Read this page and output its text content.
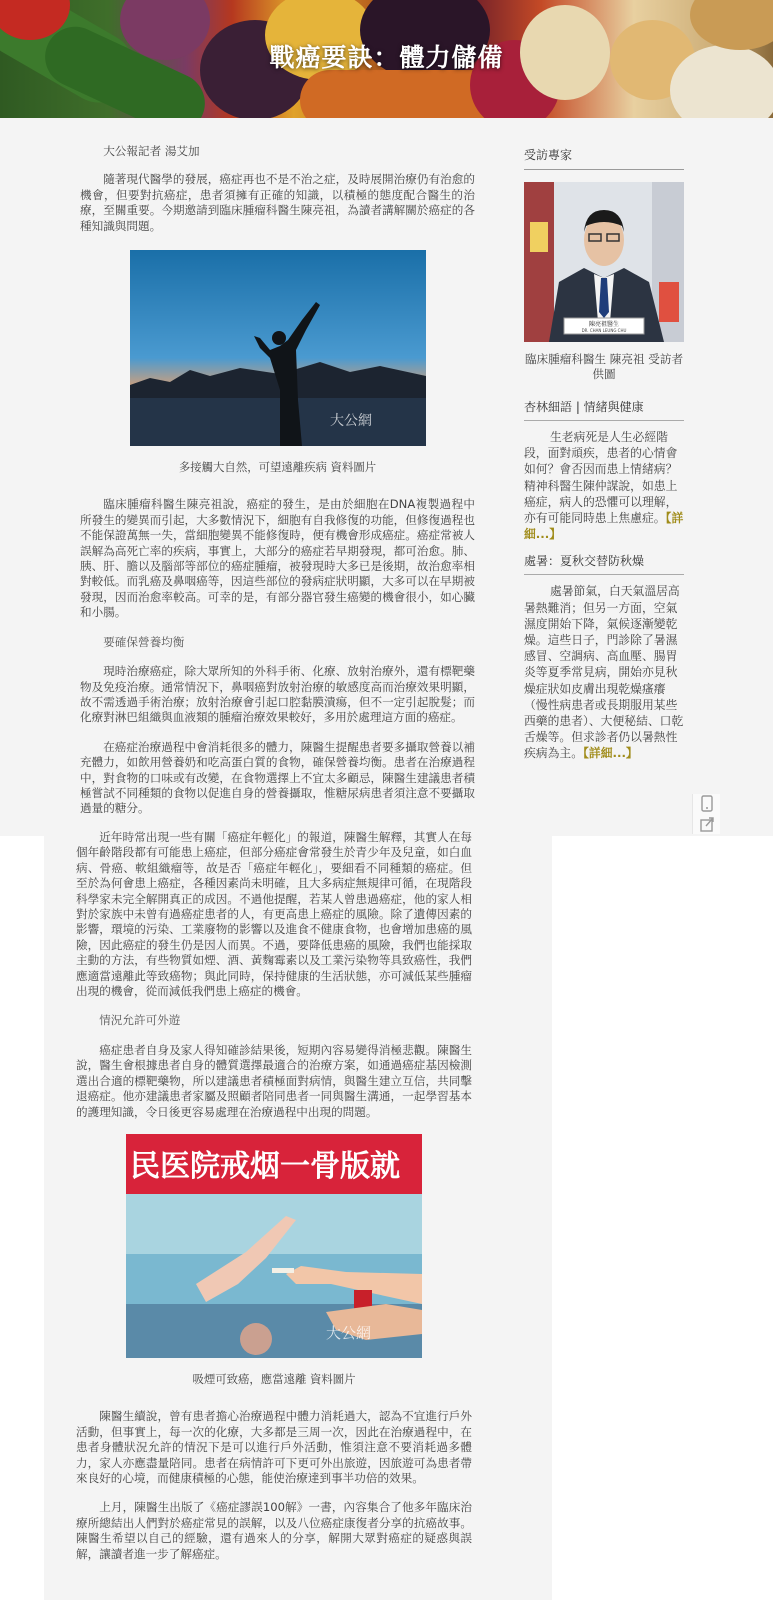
戰癌要訣：體力儲備

大公報記者 湯艾加

隨著現代醫學的發展，癌症再也不是不治之症，及時展開治療仍有治愈的機會，但要對抗癌症，患者須擁有正確的知識，以積極的態度配合醫生的治療，至關重要。今期邀請到臨床腫瘤科醫生陳亮祖，為讀者講解關於癌症的各種知識與問題。

大公網
多接觸大自然，可望遠離疾病 資料圖片

臨床腫瘤科醫生陳亮祖說，癌症的發生，是由於細胞在DNA複製過程中所發生的變異而引起，大多數情況下，細胞有自我修復的功能，但修復過程也不能保證萬無一失，當細胞變異不能修復時，便有機會形成癌症。癌症常被人誤解為高死亡率的疾病，事實上，大部分的癌症若早期發現，都可治愈。肺、胰、肝、膽以及腦部等部位的癌症腫瘤，被發現時大多已是後期，故治愈率相對較低。而乳癌及鼻咽癌等，因這些部位的發病症狀明顯，大多可以在早期被發現，因而治愈率較高。可幸的是，有部分器官發生癌變的機會很小，如心臟和小腸。

要確保營養均衡

現時治療癌症，除大眾所知的外科手術、化療、放射治療外，還有標靶藥物及免疫治療。通常情況下，鼻咽癌對放射治療的敏感度高而治療效果明顯，故不需透過手術治療；放射治療會引起口腔黏膜潰瘍，但不一定引起脫髮；而化療對淋巴組織與血液類的腫瘤治療效果較好，多用於處理這方面的癌症。

在癌症治療過程中會消耗很多的體力，陳醫生提醒患者要多攝取營養以補充體力，如飲用營養奶和吃高蛋白質的食物，確保營養均衡。患者在治療過程中，對食物的口味或有改變，在食物選擇上不宜太多顧忌，陳醫生建議患者積極嘗試不同種類的食物以促進自身的營養攝取，惟糖尿病患者須注意不要攝取過量的糖分。

近年時常出現一些有關「癌症年輕化」的報道，陳醫生解釋，其實人在每個年齡階段都有可能患上癌症，但部分癌症會常發生於青少年及兒童，如白血病、骨癌、軟組織瘤等，故是否「癌症年輕化」，要細看不同種類的癌症。但至於為何會患上癌症，各種因素尚未明確，且大多病症無規律可循，在現階段科學家未完全解開真正的成因。不過他提醒，若某人曾患過癌症，他的家人相對於家族中未曾有過癌症患者的人，有更高患上癌症的風險。除了遺傳因素的影響，環境的污染、工業廢物的影響以及進食不健康食物，也會增加患癌的風險，因此癌症的發生仍是因人而異。不過，要降低患癌的風險，我們也能採取主動的方法，有些物質如煙、酒、黃麴霉素以及工業污染物等具致癌性，我們應適當遠離此等致癌物；與此同時，保持健康的生活狀態，亦可減低某些腫瘤出現的機會，從而減低我們患上癌症的機會。

情況允許可外遊

癌症患者自身及家人得知確診結果後，短期內容易變得消極悲觀。陳醫生說，醫生會根據患者自身的體質選擇最適合的治療方案，如通過癌症基因檢測選出合適的標靶藥物，所以建議患者積極面對病情，與醫生建立互信，共同擊退癌症。他亦建議患者家屬及照顧者陪同患者一同與醫生溝通，一起學習基本的護理知識，令日後更容易處理在治療過程中出現的問題。

民医院戒烟一骨版就
大公網
吸煙可致癌，應當遠離 資料圖片

陳醫生續說，曾有患者擔心治療過程中體力消耗過大，認為不宜進行戶外活動，但事實上，每一次的化療，大多都是三周一次，因此在治療過程中，在患者身體狀況允許的情況下是可以進行戶外活動，惟須注意不要消耗過多體力，家人亦應盡量陪同。患者在病情許可下更可外出旅遊，因旅遊可為患者帶來良好的心境，而健康積極的心態，能使治療達到事半功倍的效果。

上月，陳醫生出版了《癌症謬誤100解》一書，內容集合了他多年臨床治療所總結出人們對於癌症常見的誤解，以及八位癌症康復者分享的抗癌故事。陳醫生希望以自己的經驗，還有過來人的分享，解開大眾對癌症的疑惑與誤解，讓讀者進一步了解癌症。

受訪專家
陳亮祖醫生
DR. CHAN LEUNG CHU
臨床腫瘤科醫生 陳亮祖 受訪者供圖
杏林細語 | 情緒與健康
生老病死是人生必經階段，面對頑疾，患者的心情會如何？會否因而患上情緒病？精神科醫生陳仲謀說，如患上癌症，病人的恐懼可以理解，亦有可能同時患上焦慮症。【詳細...】
處暑：夏秋交替防秋燥
處暑節氣，白天氣溫居高暑熱難消；但另一方面，空氣濕度開始下降，氣候逐漸變乾燥。這些日子，門診除了暑濕感冒、空調病、高血壓、腸胃炎等夏季常見病，開始亦見秋燥症狀如皮膚出現乾燥瘙癢（慢性病患者或長期服用某些西藥的患者）、大便秘結、口乾舌燥等。但求診者仍以暑熱性疾病為主。【詳細...】
